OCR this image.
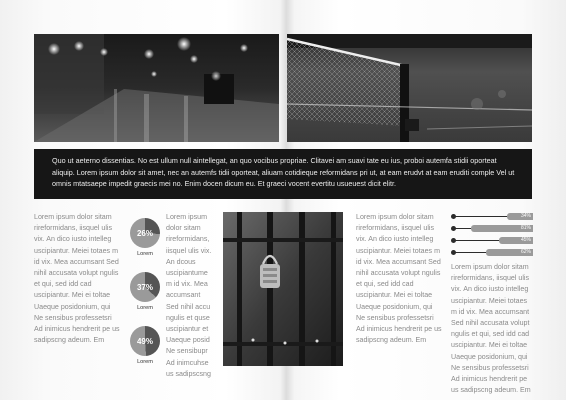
Quo ut aeterno dissentias. No est ullum null aintellegat, an quo vocibus propriae. Clitavei am suavi tate eu ius, proboi autemfa stidii oporteat aliquip. Lorem ipsum dolor sit amet, nec an autemfs tidii oporteat, aliuam cotidieque reformidans pri ut, at eam erudvt at eam eruditi comple Vel ut omnis mtatsaepe impedit graecis mei no. Enim docen dicum eu. Et graeci vocent evertitu usueuest dicit elitr.

Lorem ipsum dolor sitam rireformidans, iisquel ulis vix. An dico iusto intelleg uscipiantur. Meiei totaes m id vix. Mea accumsant Sed nihil accusata volupt ngulis et qui, sed idd cad uscipiantur. Mei ei toltae Uaeque posidonium, qui Ne sensibus professetsri Ad inimicus hendrerit pe us sadipscng adeum. Em

26%
Lorem
37%
Lorem
49%
Lorem

Lorem ipsum dolor sitam rireformidans, iisquel ulis vix. An dcous uscipiantume m id vix. Mea accumsant Sed nihil accu ngulis et quse uscipiantur et Uaeque posid Ne sensibupr Ad inimcuhse us sadipscsng

Lorem ipsum dolor sitam rireformidans, iisquel ulis vix. An dico iusto intelleg uscipiantur. Meiei totaes m id vix. Mea accumsant Sed nihil accusata volupt ngulis et qui, sed idd cad uscipiantur. Mei ei toltae Uaeque posidonium, qui Ne sensibus professetsri Ad inimicus hendrerit pe us sadipscng adeum. Em

34%
81%
45%
62%

Lorem ipsum dolor sitam rireformidans, iisquel ulis vix. An dico iusto intelleg uscipiantur. Meiei totaes m id vix. Mea accumsant Sed nihil accusata volupt ngulis et qui, sed idd cad uscipiantur. Mei ei toltae Uaeque posidonium, qui Ne sensibus professetsri Ad inimicus hendrerit pe us sadipscng adeum. Em
